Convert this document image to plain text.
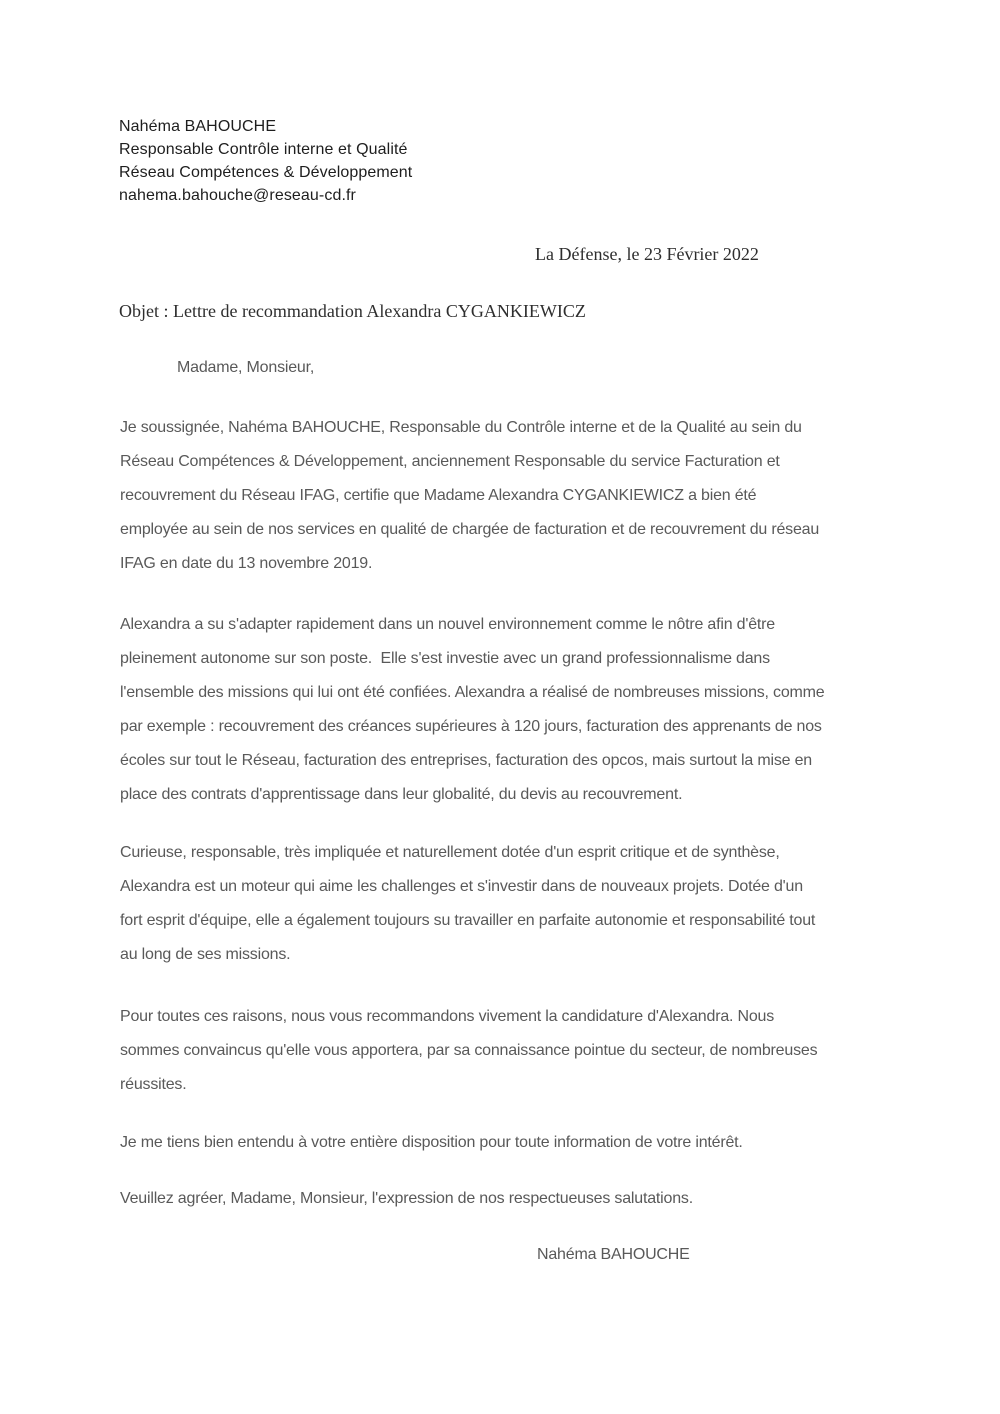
Nahéma BAHOUCHE
Responsable Contrôle interne et Qualité
Réseau Compétences & Développement
nahema.bahouche@reseau-cd.fr
La Défense, le 23 Février 2022
Objet : Lettre de recommandation Alexandra CYGANKIEWICZ
Madame, Monsieur,
Je soussignée, Nahéma BAHOUCHE, Responsable du Contrôle interne et de la Qualité au sein du
Réseau Compétences & Développement, anciennement Responsable du service Facturation et
recouvrement du Réseau IFAG, certifie que Madame Alexandra CYGANKIEWICZ a bien été
employée au sein de nos services en qualité de chargée de facturation et de recouvrement du réseau
IFAG en date du 13 novembre 2019.
Alexandra a su s'adapter rapidement dans un nouvel environnement comme le nôtre afin d'être
pleinement autonome sur son poste.  Elle s'est investie avec un grand professionnalisme dans
l'ensemble des missions qui lui ont été confiées. Alexandra a réalisé de nombreuses missions, comme
par exemple : recouvrement des créances supérieures à 120 jours, facturation des apprenants de nos
écoles sur tout le Réseau, facturation des entreprises, facturation des opcos, mais surtout la mise en
place des contrats d'apprentissage dans leur globalité, du devis au recouvrement.
Curieuse, responsable, très impliquée et naturellement dotée d'un esprit critique et de synthèse,
Alexandra est un moteur qui aime les challenges et s'investir dans de nouveaux projets. Dotée d'un
fort esprit d'équipe, elle a également toujours su travailler en parfaite autonomie et responsabilité tout
au long de ses missions.
Pour toutes ces raisons, nous vous recommandons vivement la candidature d'Alexandra. Nous
sommes convaincus qu'elle vous apportera, par sa connaissance pointue du secteur, de nombreuses
réussites.
Je me tiens bien entendu à votre entière disposition pour toute information de votre intérêt.
Veuillez agréer, Madame, Monsieur, l'expression de nos respectueuses salutations.
Nahéma BAHOUCHE
